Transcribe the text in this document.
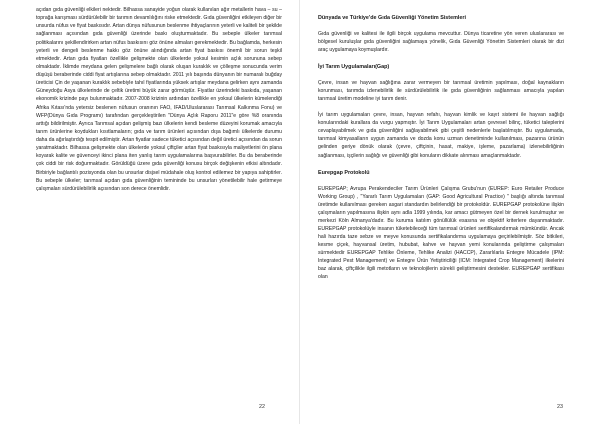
açıdan gıda güvenliği elkileri nektedir. Bilhassa sanayide yoğun olarak kullanılan ağır metallerin hava – su – toprağa karışması sürdürülebilir bir tarımın devamlılığını riske etmektedir. Gıda güvenliğini etkileyen diğer bir unsurda nüfus ve fiyat baskısıdır. Artan dünya nüfusunun beslenme ihtiyaçlarının yeterli ve kaliteli bir şekilde sağlanması açısından gıda güvenliği üzerinde baskı oluşturmaktadır. Bu sebeple ülkeler tarımsal politikalarını şekillendirirken artan nüfus baskısını göz önüne almaları gerekmektedir. Bu bağlamda, herkesin yeterli ve dengeli beslenme hakkı göz önüne alındığında artan fiyat baskısı önemli bir sorun teşkil etmektedir. Artan gıda fiyatları özellikle gelişmekte olan ülkelerde yoksul kesimin açlık sorununa sebep olmaktadır. İklimde meydana gelen gelişmelere bağlı olarak oluşan kuraklık ve çölleşme sonucunda verim düşüşü beraberinde ciddi fiyat artışlarına sebep olmaktadır. 2011 yılı başında dünyanın bir numaralı buğday üreticisi Çin de yaşanan kuraklık sebebiyle tahıl fiyatlarında yüksek artışlar meydana gelirken aynı zamanda Güneydoğu Asya ülkelerinde de çeltik üretimi büyük zarar görmüştür. Fiyatlar üzerindeki baskıda, yaşanan ekonomik krizinde payı bulunmaktadır. 2007-2008 krizinin ardından özellikle en yoksul ülkelerin kümelendiği Afrika Kıtası'nda yetersiz beslenen nüfusun oranının FAO, IFAD/Uluslararası Tarımsal Kalkınma Fonu) ve WFP(Dünya Gıda Programı) tarafından gerçekleştirilen "Dünya Açlık Raporu 2011"e göre %8 oranında arttığı bildirilmiştir. Ayrıca Tarımsal açıdan gelişmiş bazı ülkelerin kendi besleme düzeyini korumak amacıyla tarım ürünlerine koydukları kısıtlamaların; gıda ve tarım ürünleri açısından dışa bağımlı ülkelerde durumu daha da ağırlaştırdığı tespit edilmiştir. Artan fiyatlar sadece tüketici açısından değil üretici açısından da sorun yaratmaktadır. Bilhassa gelişmekte olan ülkelerde yoksul çiftçiler artan fiyat baskısıyla maliyetlerini ön plana koyarak kalite ve güvenceyi ikinci plana iten yanlış tarım uygulamalarına başvurabilirler. Bu da beraberinde çok ciddi bir risk doğurmaktadır. Görüldüğü üzere gıda güvenliği konusu birçok değişkenin etkisi altındadır. Birbiriyle bağlantılı pozisyonda olan bu unsurlar disjsel müdahale oluş kontrol edilemez bir yapıya sahiptirler. Bu sebeple ülkeler; tarımsal açıdan gıda güvenliğinin temininde bu unsurları yönetilebilir hale getirmeye çalışmaları sürdürülebilirlik açısından son derece önemlidir.

22

Dünyada ve Türkiye'de Gıda Güvenliği Yönetim Sistemleri

Gıda güvenliği ve kalitesi ile ilgili birçok uygulama mevcuttur. Dünya ticaretine yön veren uluslararası ve bölgesel kuruluşlar gıda güvenliğini sağlamaya yönelik, Gıda Güvenliği Yönetim Sistemleri olarak bir dizi araç uygulamaya koymuşlardır.

İyi Tarım Uygulamaları(Gap)

Çevre, insan ve hayvan sağlığına zarar vermeyen bir tarımsal üretimin yapılması, doğal kaynakların korunması, tarımda izlenebilirlik ile sürdürülebilirlik ile gıda güvenliğinin sağlanması amacıyla yapılan tarımsal üretim modeline iyi tarım denir.

İyi tarım uygulamaları çevre, insan, hayvan refahı, hayvan kimlik ve kayıt sistemi ile hayvan sağlığı konularındaki kurallara da vurgu yapmıştır. İyi Tarım Uygulamaları artan çevresel bilinç, tüketici taleplerini cevaplayabilmek ve gıda güvenliğini sağlayabilmek gibi çeşitli nedenlerle başlatılmıştır. Bu uygulamada, tarımsal kimyasalların uygun zamanda ve dozda konu uzman denetiminde kullanılması, pazarına ürünün gelinden geriye dönük olarak (çevre, çiftçinin, hasat, makiye, işleme, pazarlama) izlenebilirliğinin sağlanması, işçilerin sağlığı ve güvenliği gibi konuların dikkate alınması amaçlanmaktadır.

Eurepgap Protokolü

EUREPGAP; Avrupa Perakendeciler Tarım Ürünleri Çalışma Grubu'nun (EUREP: Euro Retailer Produce Working Group) , "Yararlı Tarım Uygulamaları (GAP: Good Agricultural Practice) " başlığı altında tarımsal üretimde kullanılması gereken asgari standardın belirlendiği bir protokoldür. EUREPGAP protokolüne ilişkin çalışmaların yapılmasına ilişkin aynı adla 1999 yılında, kar amacı gütmeyen özel bir dernek kurulmuştur ve merkezi Köln Almanya'dadır. Bu kuruma katılım gönüllülük esasına ve objektif kriterlere dayanmaktadır. EUREPGAP protokolüyle insanın tüketebileceği tüm tarımsal ürünleri sertifikalandırmak mümkündür. Ancak hali hazırda taze sebze ve meyve konusunda sertifikalandırma uygulamaya geçirilebilmiştir. Söz bitkileri, kesme çiçek, hayvansal üretim, hububat, kahve ve hayvan yemi konularında geliştirme çalışmaları sürmektedir EUREPGAP Tehlike Önleme, Tehlike Analizi (HACCP), Zararlılarla Entegre Mücadele (IPM: Integrated Pest Management) ve Entegre Ürün Yetiştiriciliği (ICM: Integrated Crop Management) ilkelerini baz alarak, çiftçilikle ilgili metotların ve teknolojilerin sürekli geliştirmesini destekler. EUREPGAP sertifikası olan

23
